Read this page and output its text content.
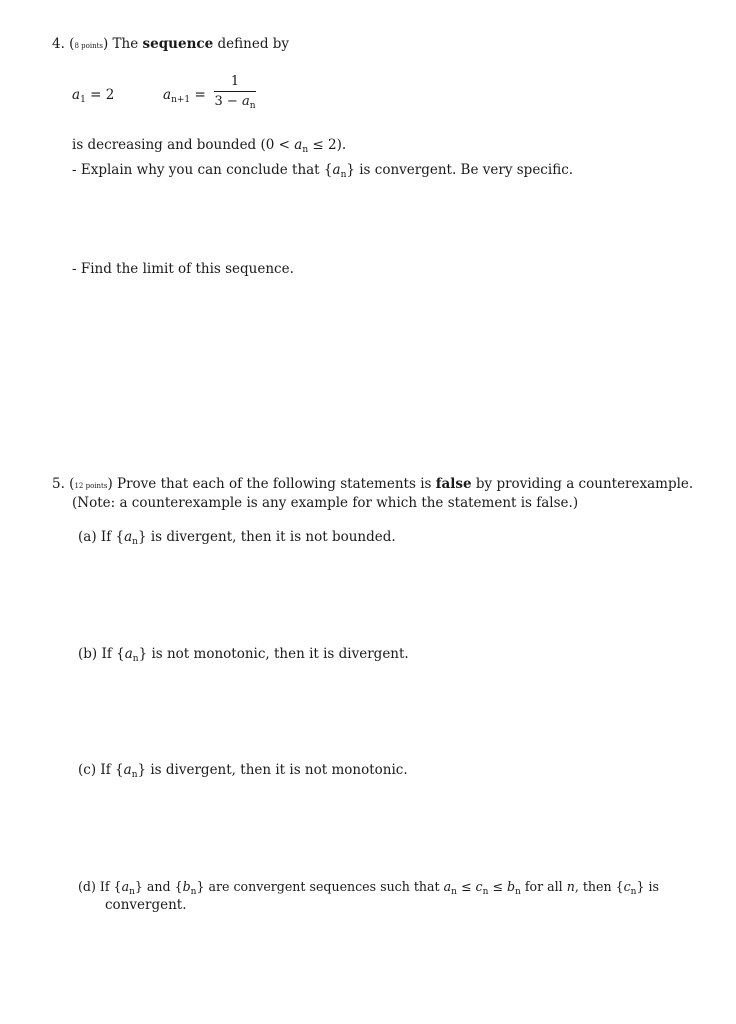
4. (8 points) The sequence defined by
$a_1 = 2$	$a_{n+1}$ =
1
$3 - a_n$
is decreasing and bounded $(0 < a_n \le 2)$.
- Explain why you can conclude that $\{a_n\}$ is convergent. Be very specific.
- Find the limit of this sequence.
5. (12 points) Prove that each of the following statements is false by providing a counterexample.
(Note: a counterexample is any example for which the statement is false.)
(a) If $\{a_n\}$ is divergent, then it is not bounded.
(b) If $\{a_n\}$ is not monotonic, then it is divergent.
(c) If $\{a_n\}$ is divergent, then it is not monotonic.
(d) If $\{a_n\}$ and $\{b_n\}$ are convergent sequences such that $a_n \le c_n \le b_n$ for all n, then $\{c_n\}$ is
convergent.
